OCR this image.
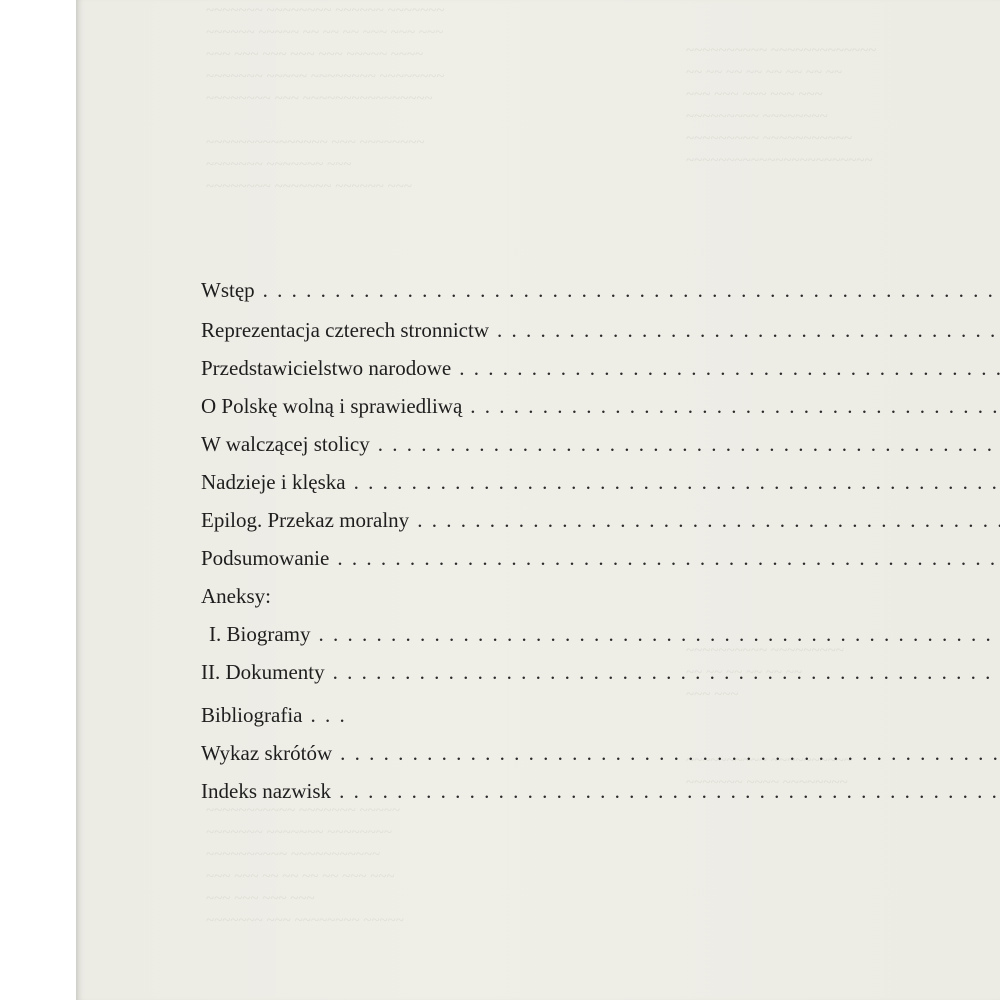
~~~~~~~ ~~~~~~~~ ~~~~~~ ~~~~~~~
~~~~~~ ~~~~~ ~~ ~~ ~~ ~~~ ~~~ ~~~
~~~ ~~~ ~~~ ~~~ ~~~ ~~~~~ ~~~~
~~~~~~~ ~~~~~ ~~~~~~~~ ~~~~~~~~
~~~~~~~~ ~~~ ~~~~~~~~~~~~~~~~

~~~~~~~~~~~~~~~ ~~~ ~~~~~~~~
~~~~~~~ ~~~~~~~ ~~~
~~~~~~~~ ~~~~~~~ ~~~~~~ ~~~
~~~~~~~~~~ ~~~~~~~~~~~~~
~~ ~~ ~~ ~~ ~~ ~~ ~~ ~~
~~~ ~~~ ~~~ ~~~ ~~~
~~~~~~~~~ ~~~~~~~~
~~~~~~~~~ ~~~~~~~~~~~
~~~~~~~~~~~~~~~~~~~~~~~
~~~~~~~~~~~ ~~~~~~~ ~~~~~
~~~~~~~ ~~~~~~~ ~~~~~~~~
~~~~~~~~~~ ~~~~~~~~~~~
~~~ ~~~ ~~ ~~ ~~ ~~ ~~~ ~~~
~~~ ~~~ ~~~ ~~~
~~~~~~~ ~~~ ~~~~~~~~ ~~~~~
~~~~~~~~~~ ~~~~~~~~~
~~ ~~ ~~ ~~ ~~ ~~
~~~ ~~~

~~~~~~~~~~ ~~~~~~~~~~
~~~~~~~ ~~~~ ~~~~~~~~
Wstęp
. . .
Reprezentacja czterech stronnictw
. . .
Przedstawicielstwo narodowe
. . .
O Polskę wolną i sprawiedliwą
. . .
W walczącej stolicy
. . .
Nadzieje i klęska
. . .
Epilog. Przekaz moralny
. . .
Podsumowanie
. . .
Aneksy:
I. Biogramy
. . .
II. Dokumenty
. . .
Bibliografia . . .
Wykaz skrótów
. . .
Indeks nazwisk
. . .
